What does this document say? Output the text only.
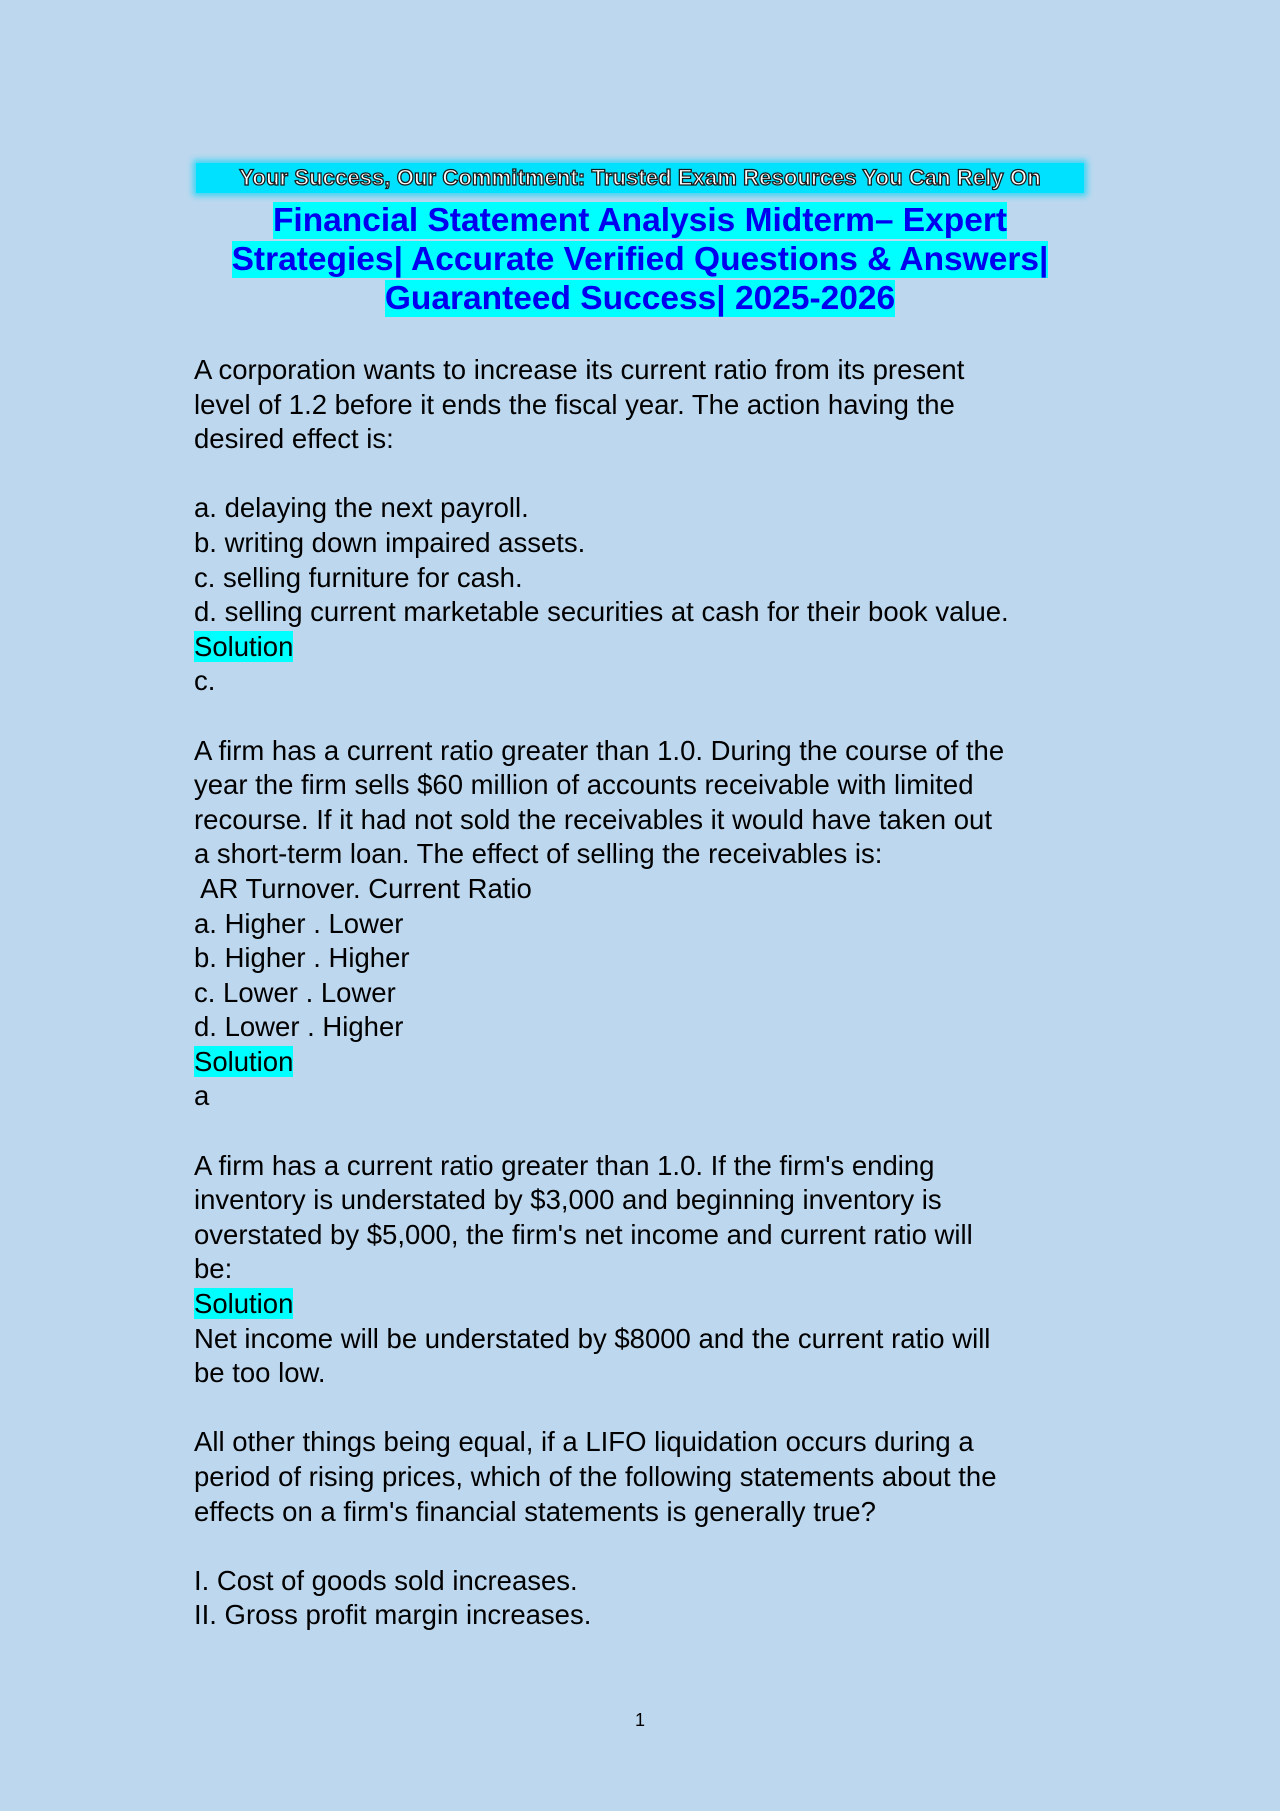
Your Success, Our Commitment: Trusted Exam Resources You Can Rely On
Financial Statement Analysis Midterm– Expert
Strategies| Accurate Verified Questions & Answers|
Guaranteed Success| 2025-2026
A corporation wants to increase its current ratio from its present
level of 1.2 before it ends the fiscal year. The action having the
desired effect is:
a. delaying the next payroll.
b. writing down impaired assets.
c. selling furniture for cash.
d. selling current marketable securities at cash for their book value.
Solution
c.
A firm has a current ratio greater than 1.0. During the course of the
year the firm sells $60 million of accounts receivable with limited
recourse. If it had not sold the receivables it would have taken out
a short-term loan. The effect of selling the receivables is:
AR Turnover. Current Ratio
a. Higher . Lower
b. Higher . Higher
c. Lower . Lower
d. Lower . Higher
Solution
a
A firm has a current ratio greater than 1.0. If the firm's ending
inventory is understated by $3,000 and beginning inventory is
overstated by $5,000, the firm's net income and current ratio will
be:
Solution
Net income will be understated by $8000 and the current ratio will
be too low.
All other things being equal, if a LIFO liquidation occurs during a
period of rising prices, which of the following statements about the
effects on a firm's financial statements is generally true?
I. Cost of goods sold increases.
II. Gross profit margin increases.
1
